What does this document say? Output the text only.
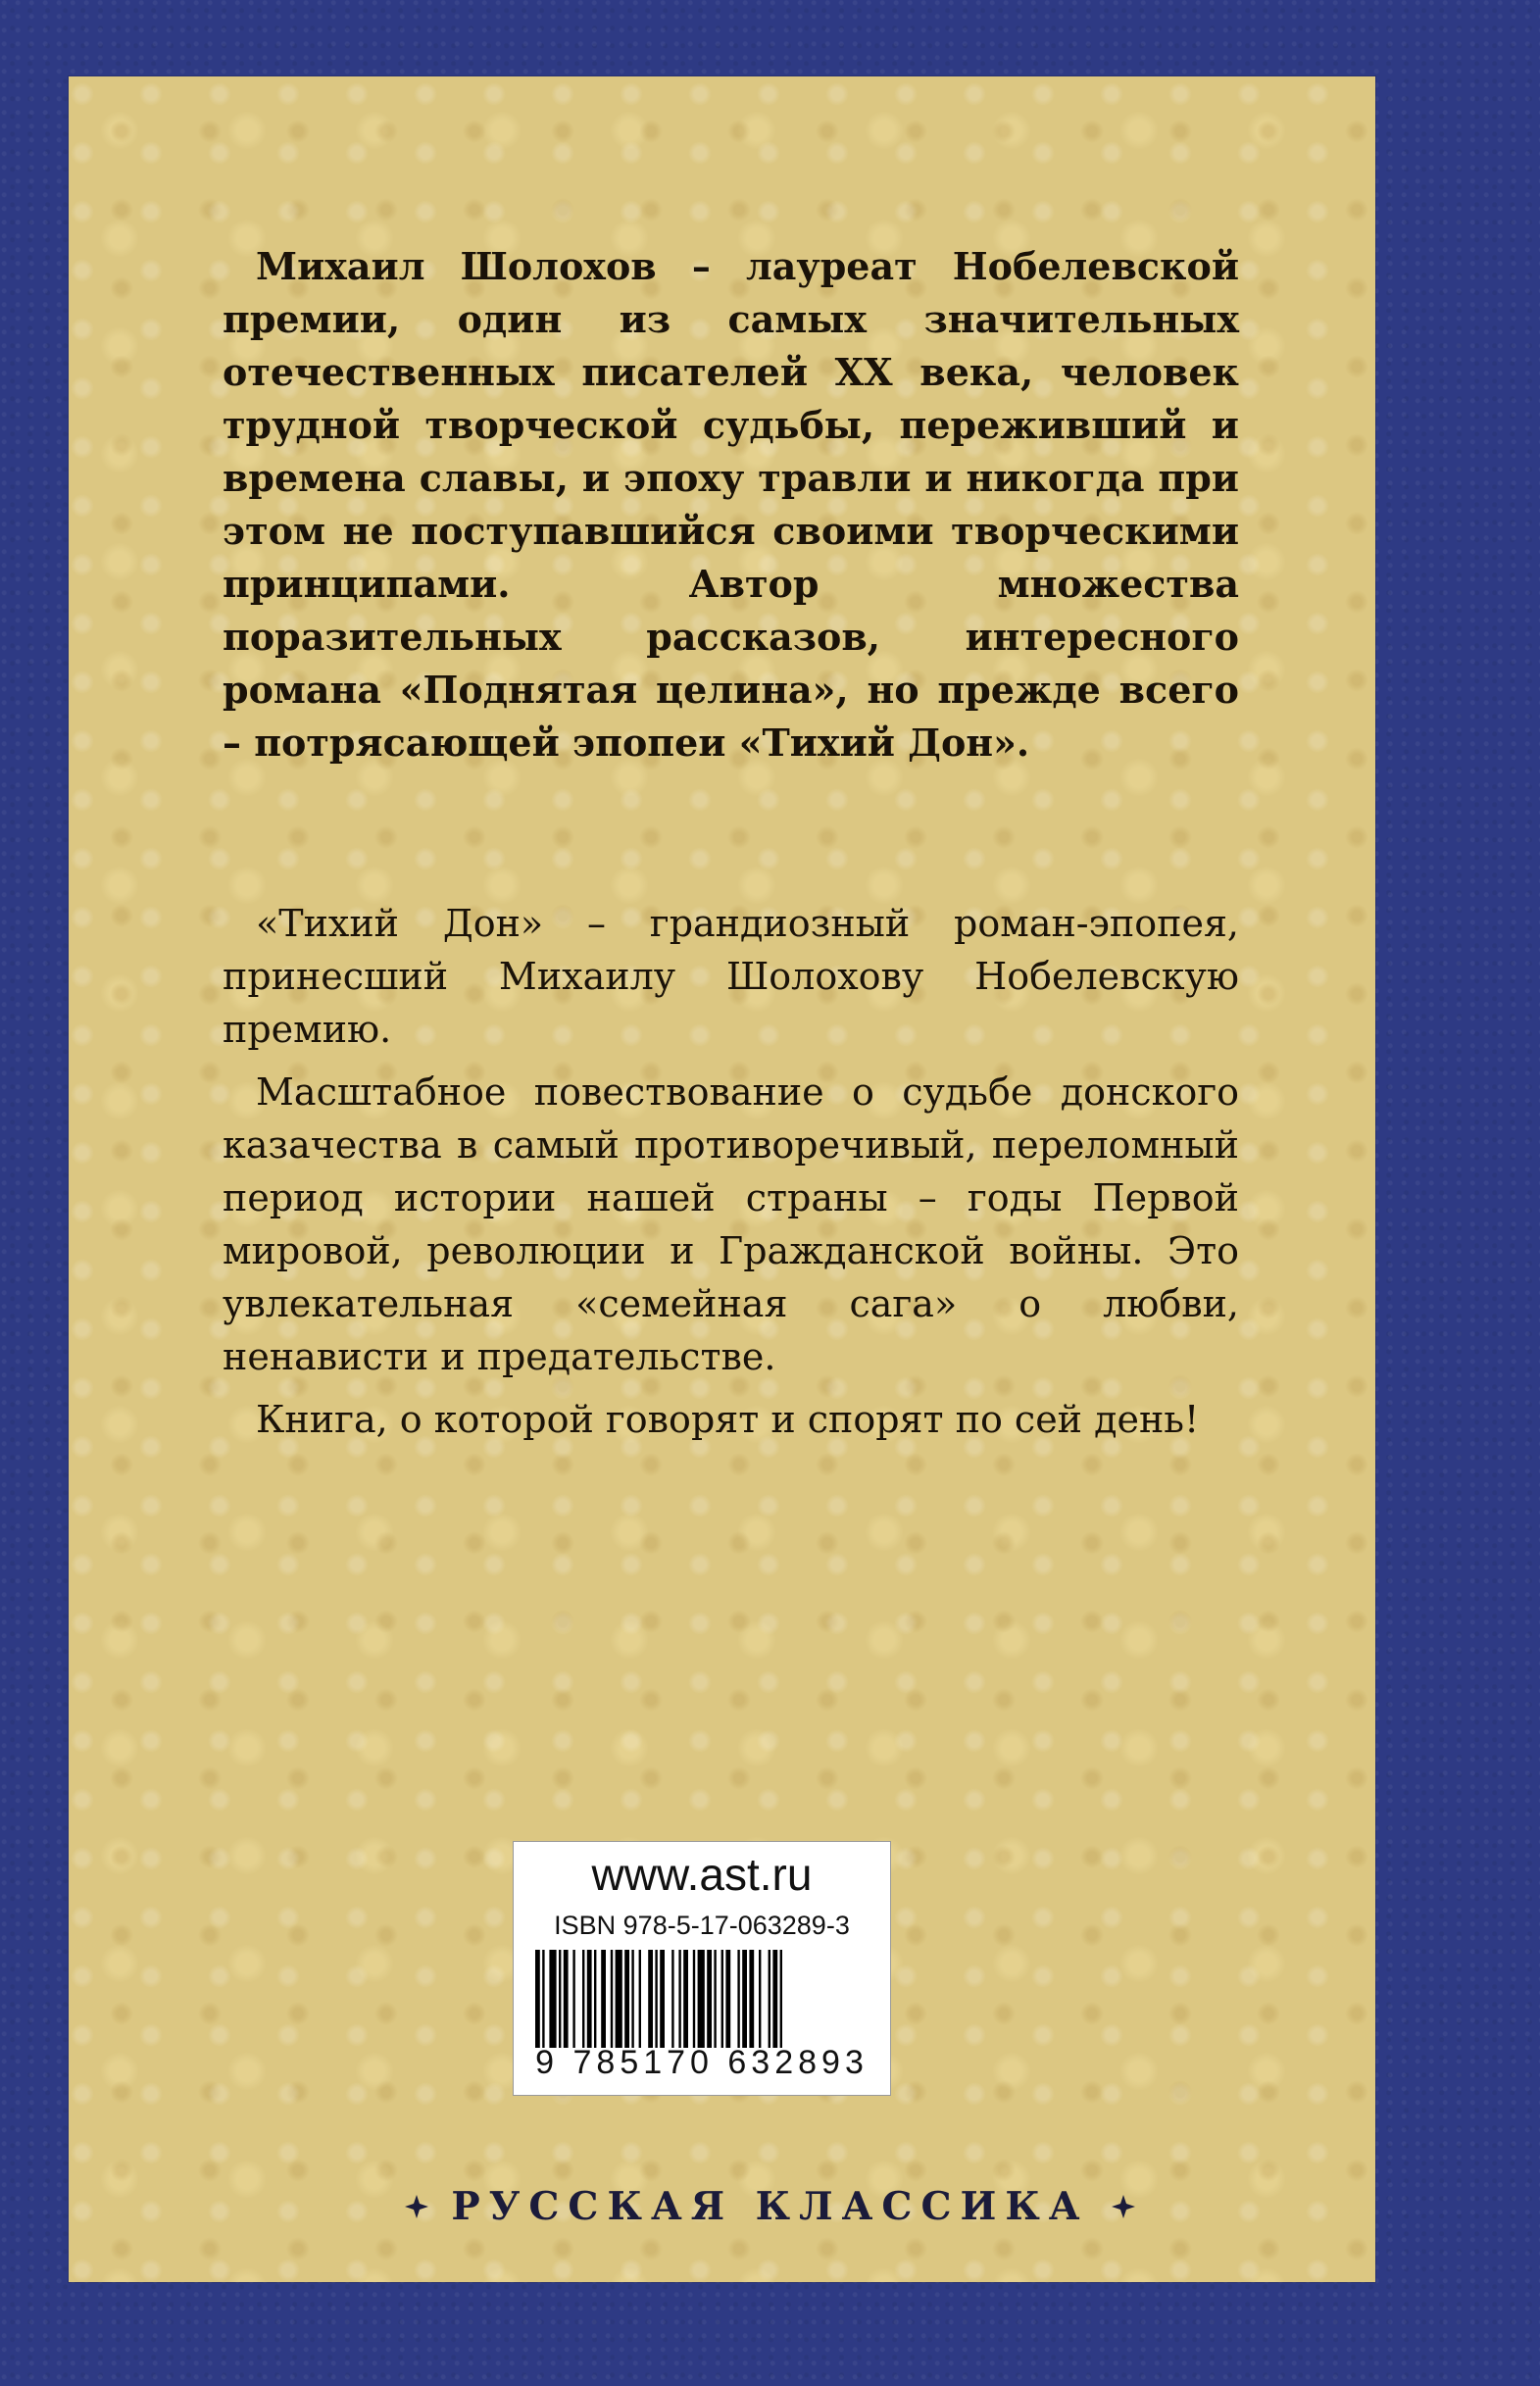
Михаил Шолохов – лауреат Нобелевской премии, один из самых значительных отечественных писателей XX века, человек трудной творческой судьбы, переживший и времена славы, и эпоху травли и никогда при этом не поступавшийся своими творческими принципами. Автор множества поразительных рассказов, интересного романа «Поднятая целина», но прежде всего – потрясающей эпопеи «Тихий Дон».

«Тихий Дон» – грандиозный роман-эпопея, принесший Михаилу Шолохову Нобелевскую премию.

Масштабное повествование о судьбе донского казачества в самый противоречивый, переломный период истории нашей страны – годы Первой мировой, революции и Гражданской войны. Это увлекательная «семейная сага» о любви, ненависти и предательстве.

Книга, о которой говорят и спорят по сей день!

www.ast.ru
ISBN 978-5-17-063289-3
9 785170 632893
РУССКАЯ КЛАССИКА
